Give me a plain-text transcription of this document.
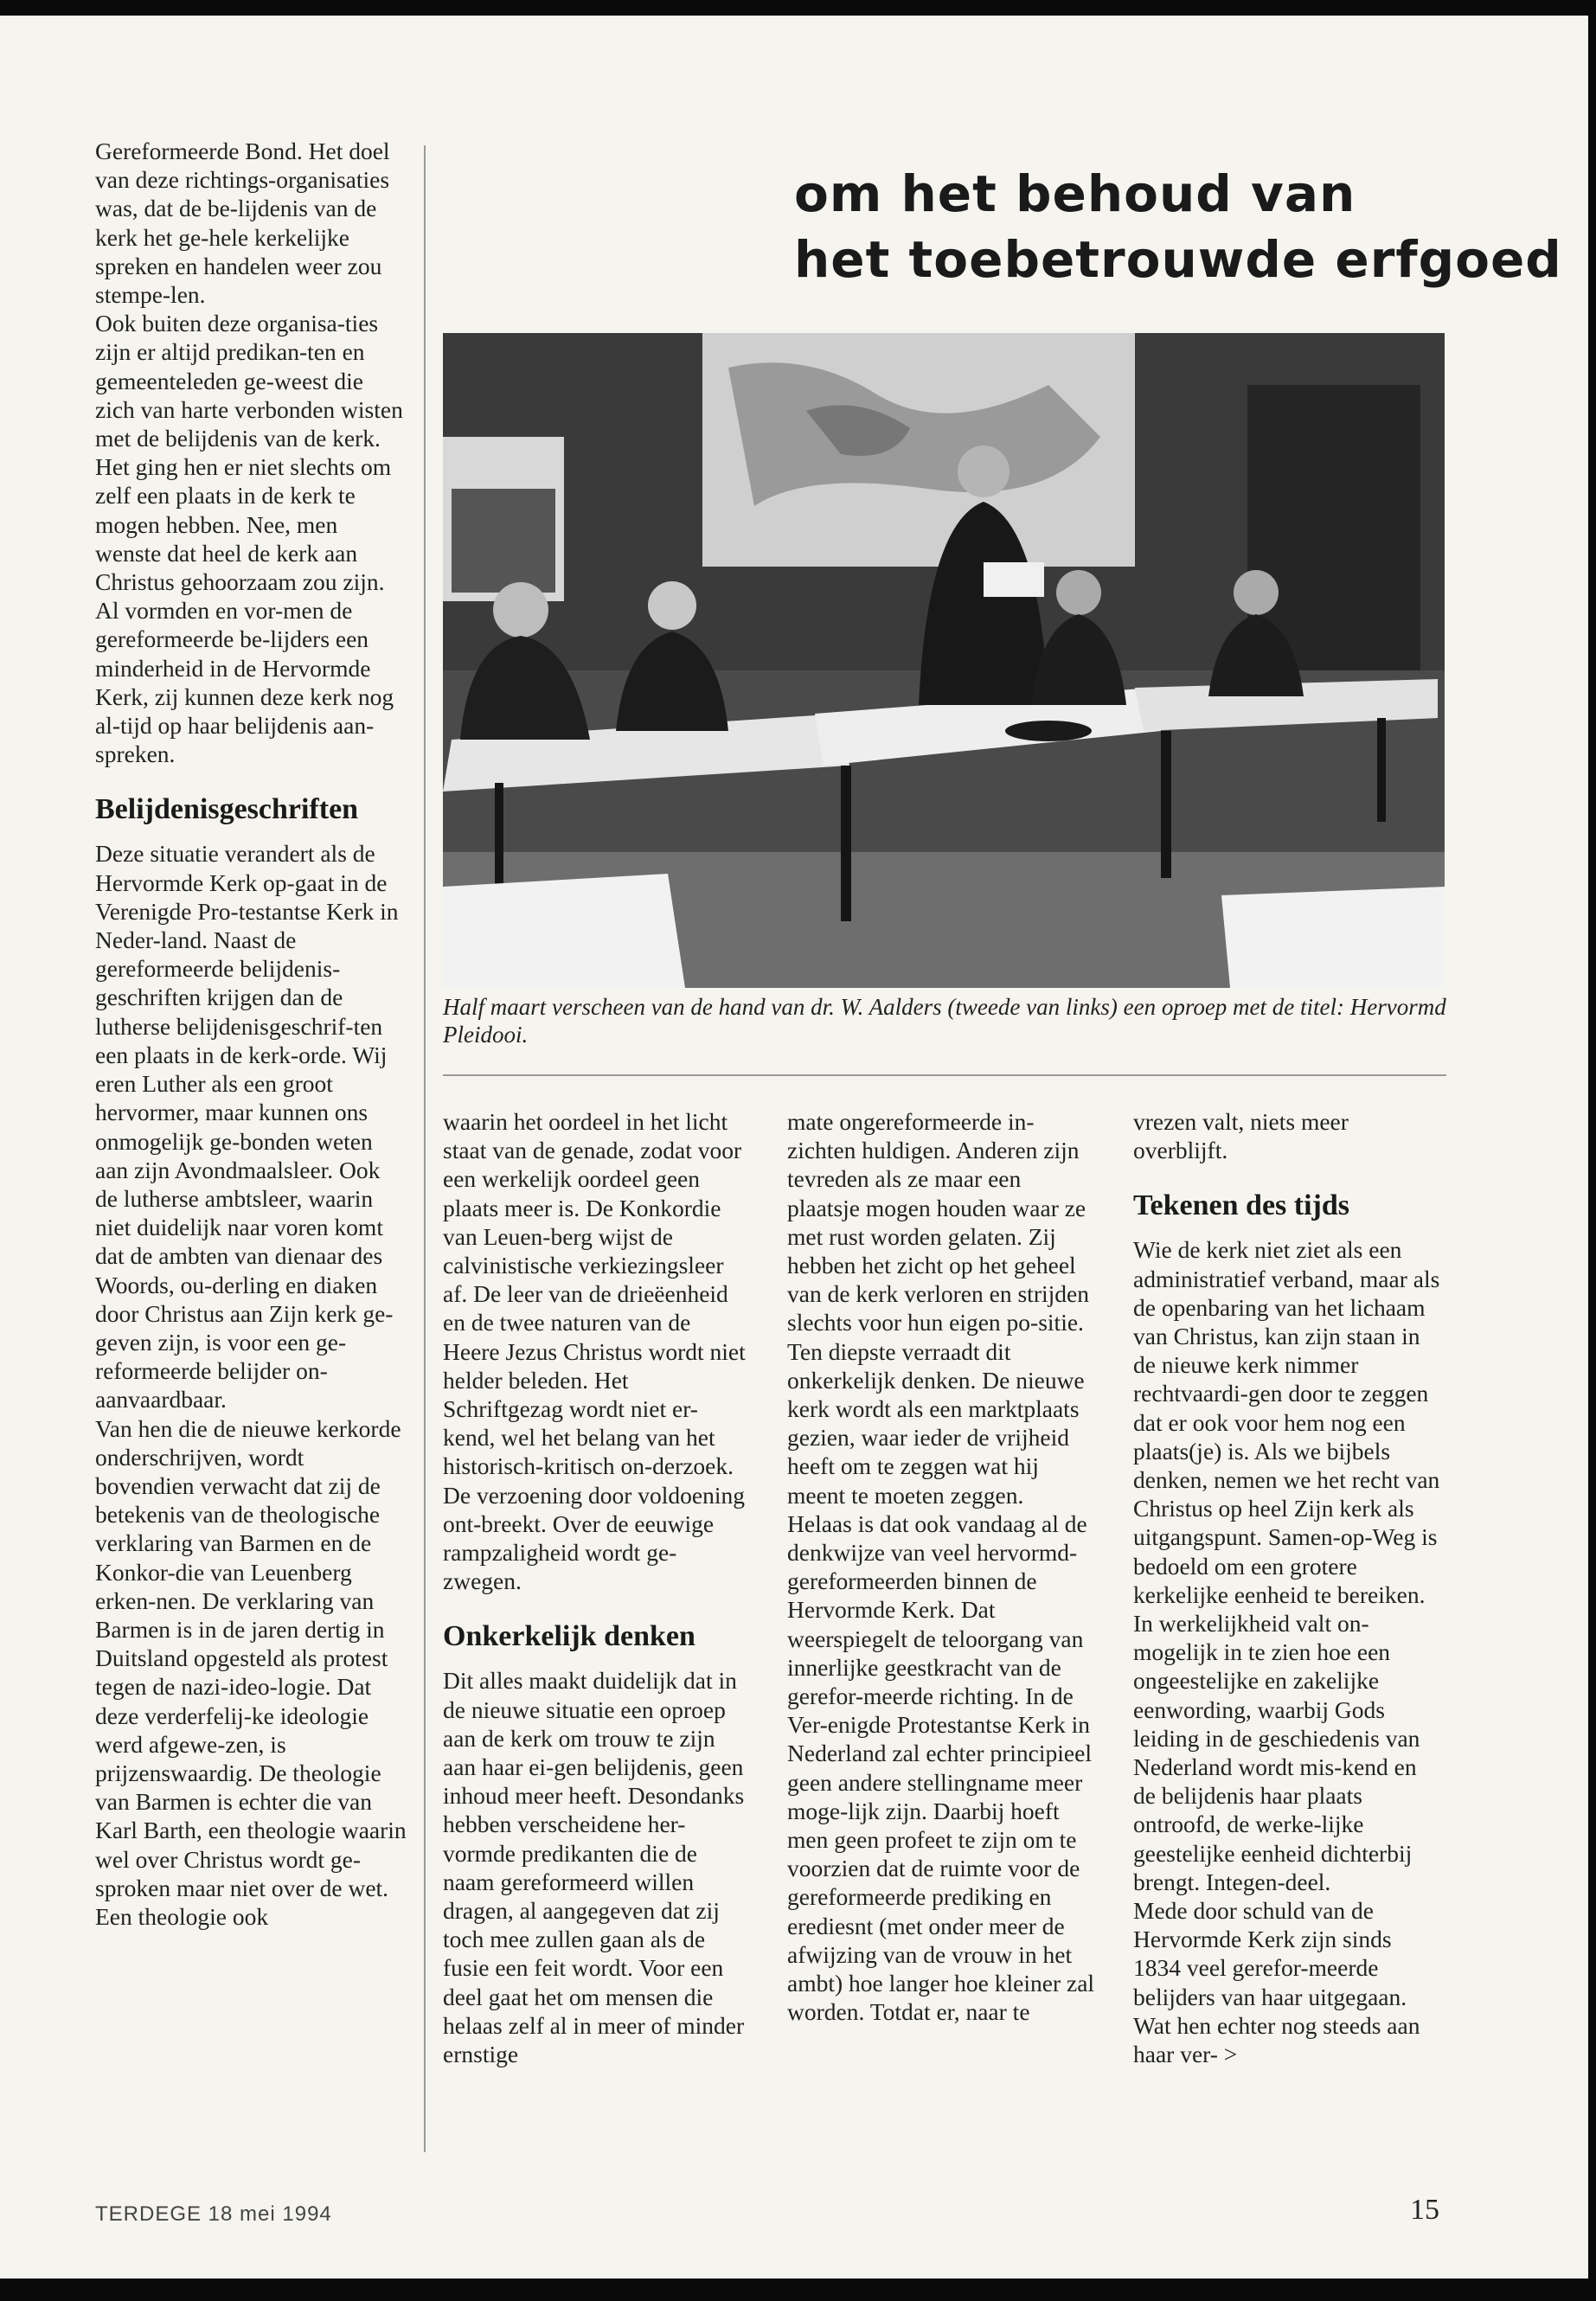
Gereformeerde Bond. Het doel van deze richtings-organisaties was, dat de be-lijdenis van de kerk het ge-hele kerkelijke spreken en handelen weer zou stempe-len.
Ook buiten deze organisa-ties zijn er altijd predikan-ten en gemeenteleden ge-weest die zich van harte verbonden wisten met de belijdenis van de kerk. Het ging hen er niet slechts om zelf een plaats in de kerk te mogen hebben. Nee, men wenste dat heel de kerk aan Christus gehoorzaam zou zijn. Al vormden en vor-men de gereformeerde be-lijders een minderheid in de Hervormde Kerk, zij kunnen deze kerk nog al-tijd op haar belijdenis aan-spreken.

Belijdenisgeschriften

Deze situatie verandert als de Hervormde Kerk op-gaat in de Verenigde Pro-testantse Kerk in Neder-land. Naast de gereformeerde belijdenis-geschriften krijgen dan de lutherse belijdenisgeschrif-ten een plaats in de kerk-orde. Wij eren Luther als een groot hervormer, maar kunnen ons onmogelijk ge-bonden weten aan zijn Avondmaalsleer. Ook de lutherse ambtsleer, waarin niet duidelijk naar voren komt dat de ambten van dienaar des Woords, ou-derling en diaken door Christus aan Zijn kerk ge-geven zijn, is voor een ge-reformeerde belijder on-aanvaardbaar.
Van hen die de nieuwe kerkorde onderschrijven, wordt bovendien verwacht dat zij de betekenis van de theologische verklaring van Barmen en de Konkor-die van Leuenberg erken-nen. De verklaring van Barmen is in de jaren dertig in Duitsland opgesteld als protest tegen de nazi-ideo-logie. Dat deze verderfelij-ke ideologie werd afgewe-zen, is prijzenswaardig. De theologie van Barmen is echter die van Karl Barth, een theologie waarin wel over Christus wordt ge-sproken maar niet over de wet. Een theologie ook

om het behoud van
het toebetrouwde erfgoed
Half maart verscheen van de hand van dr. W. Aalders (tweede van links) een oproep met de titel: Hervormd Pleidooi.

waarin het oordeel in het licht staat van de genade, zodat voor een werkelijk oordeel geen plaats meer is. De Konkordie van Leuen-berg wijst de calvinistische verkiezingsleer af. De leer van de drieëenheid en de twee naturen van de Heere Jezus Christus wordt niet helder beleden. Het Schriftgezag wordt niet er-kend, wel het belang van het historisch-kritisch on-derzoek. De verzoening door voldoening ont-breekt. Over de eeuwige rampzaligheid wordt ge-zwegen.

Onkerkelijk denken

Dit alles maakt duidelijk dat in de nieuwe situatie een oproep aan de kerk om trouw te zijn aan haar ei-gen belijdenis, geen inhoud meer heeft. Desondanks hebben verscheidene her-vormde predikanten die de naam gereformeerd willen dragen, al aangegeven dat zij toch mee zullen gaan als de fusie een feit wordt. Voor een deel gaat het om mensen die helaas zelf al in meer of minder ernstige

mate ongereformeerde in-zichten huldigen. Anderen zijn tevreden als ze maar een plaatsje mogen houden waar ze met rust worden gelaten. Zij hebben het zicht op het geheel van de kerk verloren en strijden slechts voor hun eigen po-sitie. Ten diepste verraadt dit onkerkelijk denken. De nieuwe kerk wordt als een marktplaats gezien, waar ieder de vrijheid heeft om te zeggen wat hij meent te moeten zeggen.
Helaas is dat ook vandaag al de denkwijze van veel hervormd-gereformeerden binnen de Hervormde Kerk. Dat weerspiegelt de teloorgang van innerlijke geestkracht van de gerefor-meerde richting. In de Ver-enigde Protestantse Kerk in Nederland zal echter principieel geen andere stellingname meer moge-lijk zijn. Daarbij hoeft men geen profeet te zijn om te voorzien dat de ruimte voor de gereformeerde prediking en erediesnt (met onder meer de afwijzing van de vrouw in het ambt) hoe langer hoe kleiner zal worden. Totdat er, naar te

vrezen valt, niets meer overblijft.

Tekenen des tijds

Wie de kerk niet ziet als een administratief verband, maar als de openbaring van het lichaam van Christus, kan zijn staan in de nieuwe kerk nimmer rechtvaardi-gen door te zeggen dat er ook voor hem nog een plaats(je) is. Als we bijbels denken, nemen we het recht van Christus op heel Zijn kerk als uitgangspunt. Samen-op-Weg is bedoeld om een grotere kerkelijke eenheid te bereiken. In werkelijkheid valt on-mogelijk in te zien hoe een ongeestelijke en zakelijke eenwording, waarbij Gods leiding in de geschiedenis van Nederland wordt mis-kend en de belijdenis haar plaats ontroofd, de werke-lijke geestelijke eenheid dichterbij brengt. Integen-deel.
Mede door schuld van de Hervormde Kerk zijn sinds 1834 veel gerefor-meerde belijders van haar uitgegaan. Wat hen echter nog steeds aan haar ver- >

TERDEGE 18 mei 1994	15
